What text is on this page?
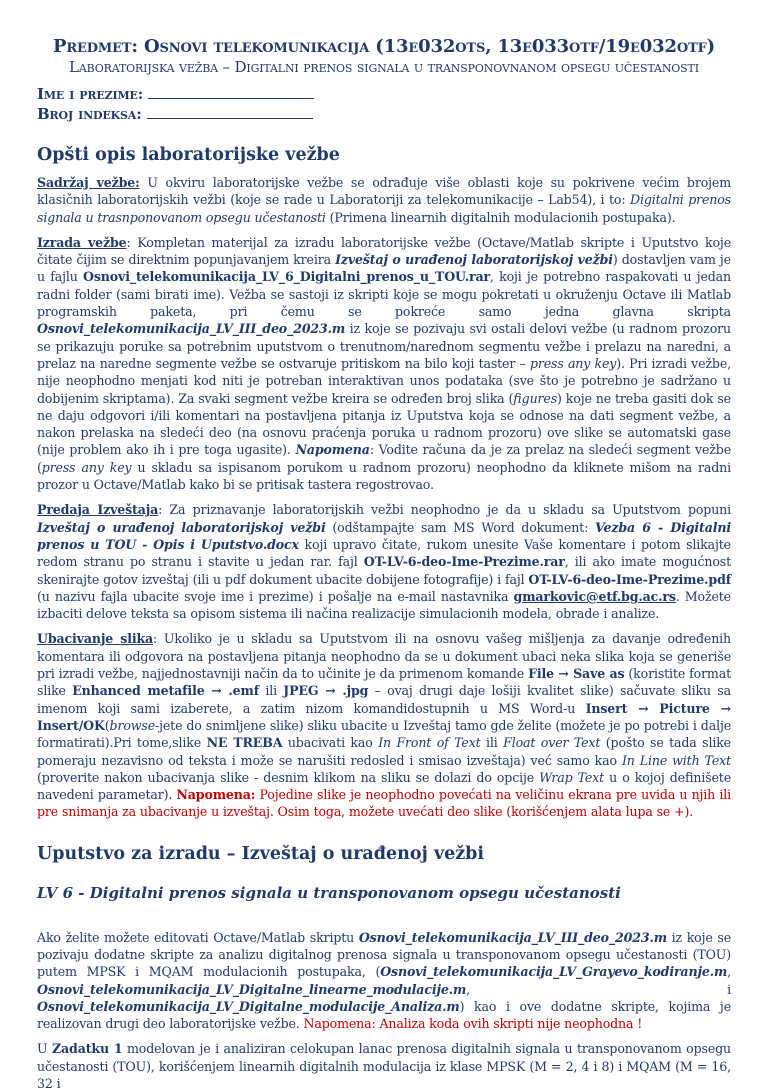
Predmet: Osnovi telekomunikacija (13e032ots, 13e033otf/19e032otf)

Laboratorijska vežba – Digitalni prenos signala u transponovnanom opsegu učestanosti

Ime i prezime:

Broj indeksa:

Opšti opis laboratorijske vežbe

Sadržaj vežbe: U okviru laboratorijske vežbe se odrađuje više oblasti koje su pokrivene većim brojem klasičnih laboratorijskih vežbi (koje se rade u Laboratoriji za telekomunikacije – Lab54), i to: Digitalni prenos signala u trasnponovanom opsegu učestanosti (Primena linearnih digitalnih modulacionih postupaka).

Izrada vežbe: Kompletan materijal za izradu laboratorijske vežbe (Octave/Matlab skripte i Uputstvo koje čitate čijim se direktnim popunjavanjem kreira Izveštaj o urađenoj laboratorijskoj vežbi) dostavljen vam je u fajlu Osnovi_telekomunikacija_LV_6_Digitalni_prenos_u_TOU.rar, koji je potrebno raspakovati u jedan radni folder (sami birati ime). Vežba se sastoji iz skripti koje se mogu pokretati u okruženju Octave ili Matlab programskih paketa, pri čemu se pokreće samo jedna glavna skripta Osnovi_telekomunikacija_LV_III_deo_2023.m iz koje se pozivaju svi ostali delovi vežbe (u radnom prozoru se prikazuju poruke sa potrebnim uputstvom o trenutnom/narednom segmentu vežbe i prelazu na naredni, a prelaz na naredne segmente vežbe se ostvaruje pritiskom na bilo koji taster – press any key). Pri izradi vežbe, nije neophodno menjati kod niti je potreban interaktivan unos podataka (sve što je potrebno je sadržano u dobijenim skriptama). Za svaki segment vežbe kreira se određen broj slika (figures) koje ne treba gasiti dok se ne daju odgovori i/ili komentari na postavljena pitanja iz Uputstva koja se odnose na dati segment vežbe, a nakon prelaska na sledeći deo (na osnovu praćenja poruka u radnom prozoru) ove slike se automatski gase (nije problem ako ih i pre toga ugasite). Napomena: Vodite računa da je za prelaz na sledeći segment vežbe (press any key u skladu sa ispisanom porukom u radnom prozoru) neophodno da kliknete mišom na radni prozor u Octave/Matlab kako bi se pritisak tastera regostrovao.

Predaja Izveštaja: Za priznavanje laboratorijskih vežbi neophodno je da u skladu sa Uputstvom popuni Izveštaj o urađenoj laboratorijskoj vežbi (odštampajte sam MS Word dokument: Vezba 6 - Digitalni prenos u TOU - Opis i Uputstvo.docx koji upravo čitate, rukom unesite Vaše komentare i potom slikajte redom stranu po stranu i stavite u jedan rar. fajl OT-LV-6-deo-Ime-Prezime.rar, ili ako imate mogućnost skenirajte gotov izveštaj (ili u pdf dokument ubacite dobijene fotografije) i fajl OT-LV-6-deo-Ime-Prezime.pdf (u nazivu fajla ubacite svoje ime i prezime) i pošalje na e-mail nastavnika gmarkovic@etf.bg.ac.rs. Možete izbaciti delove teksta sa opisom sistema ili načina realizacije simulacionih modela, obrade i analize.

Ubacivanje slika: Ukoliko je u skladu sa Uputstvom ili na osnovu vašeg mišljenja za davanje određenih komentara ili odgovora na postavljena pitanja neophodno da se u dokument ubaci neka slika koja se generiše pri izradi vežbe, najjednostavniji način da to učinite je da primenom komande File → Save as (koristite format slike Enhanced metafile → .emf ili JPEG → .jpg – ovaj drugi daje lošiji kvalitet slike) sačuvate sliku sa imenom koji sami izaberete, a zatim nizom komandidostupnih u MS Word-u Insert → Picture → Insert/OK(browse-jete do snimljene slike) sliku ubacite u Izveštaj tamo gde želite (možete je po potrebi i dalje formatirati).Pri tome,slike NE TREBA ubacivati kao In Front of Text ili Float over Text (pošto se tada slike pomeraju nezavisno od teksta i može se narušiti redosled i smisao izveštaja) već samo kao In Line with Text (proverite nakon ubacivanja slike - desnim klikom na sliku se dolazi do opcije Wrap Text u o kojoj definišete navedeni parametar). Napomena: Pojedine slike je neophodno povećati na veličinu ekrana pre uvida u njih ili pre snimanja za ubacivanje u izveštaj. Osim toga, možete uvećati deo slike (korišćenjem alata lupa se +).

Uputstvo za izradu – Izveštaj o urađenoj vežbi
LV 6 - Digitalni prenos signala u transponovanom opsegu učestanosti

Ako želite možete editovati Octave/Matlab skriptu Osnovi_telekomunikacija_LV_III_deo_2023.m iz koje se pozivaju dodatne skripte za analizu digitalnog prenosa signala u transponovanom opsegu učestanosti (TOU) putem MPSK i MQAM modulacionih postupaka, (Osnovi_telekomunikacija_LV_Grayevo_kodiranje.m, Osnovi_telekomunikacija_LV_Digitalne_linearne_modulacije.m, i Osnovi_telekomunikacija_LV_Digitalne_modulacije_Analiza.m) kao i ove dodatne skripte, kojima je realizovan drugi deo laboratorijske vežbe. Napomena: Analiza koda ovih skripti nije neophodna !

U Zadatku 1 modelovan je i analiziran celokupan lanac prenosa digitalnih signala u transponovanom opsegu učestanosti (TOU), korišćenjem linearnih digitalnih modulacija iz klase MPSK (M = 2, 4 i 8) i MQAM (M = 16, 32 i
